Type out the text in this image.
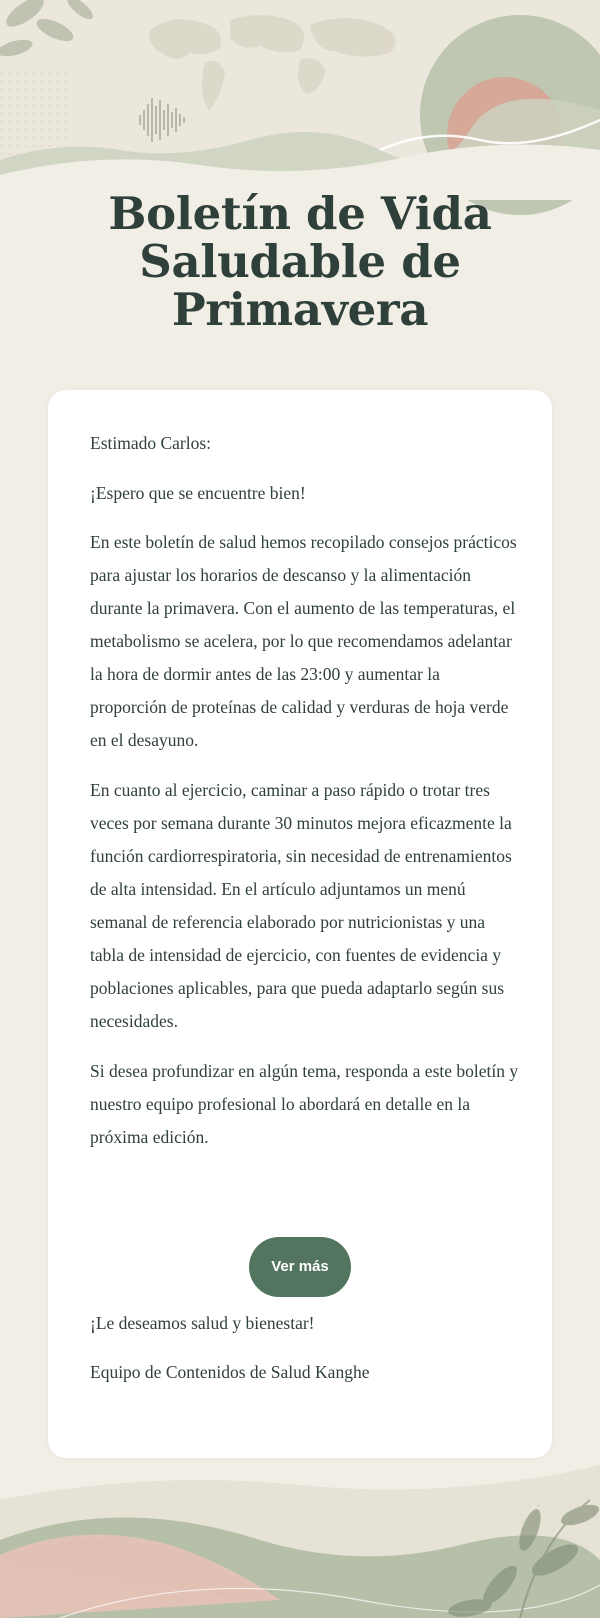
Boletín de Vida Saludable de Primavera

Estimado Carlos:

¡Espero que se encuentre bien!

En este boletín de salud hemos recopilado consejos prácticos para ajustar los horarios de descanso y la alimentación durante la primavera. Con el aumento de las temperaturas, el metabolismo se acelera, por lo que recomendamos adelantar la hora de dormir antes de las 23:00 y aumentar la proporción de proteínas de calidad y verduras de hoja verde en el desayuno.

En cuanto al ejercicio, caminar a paso rápido o trotar tres veces por semana durante 30 minutos mejora eficazmente la función cardiorrespiratoria, sin necesidad de entrenamientos de alta intensidad. En el artículo adjuntamos un menú semanal de referencia elaborado por nutricionistas y una tabla de intensidad de ejercicio, con fuentes de evidencia y poblaciones aplicables, para que pueda adaptarlo según sus necesidades.

Si desea profundizar en algún tema, responda a este boletín y nuestro equipo profesional lo abordará en detalle en la próxima edición.

Ver más

¡Le deseamos salud y bienestar!

Equipo de Contenidos de Salud Kanghe
